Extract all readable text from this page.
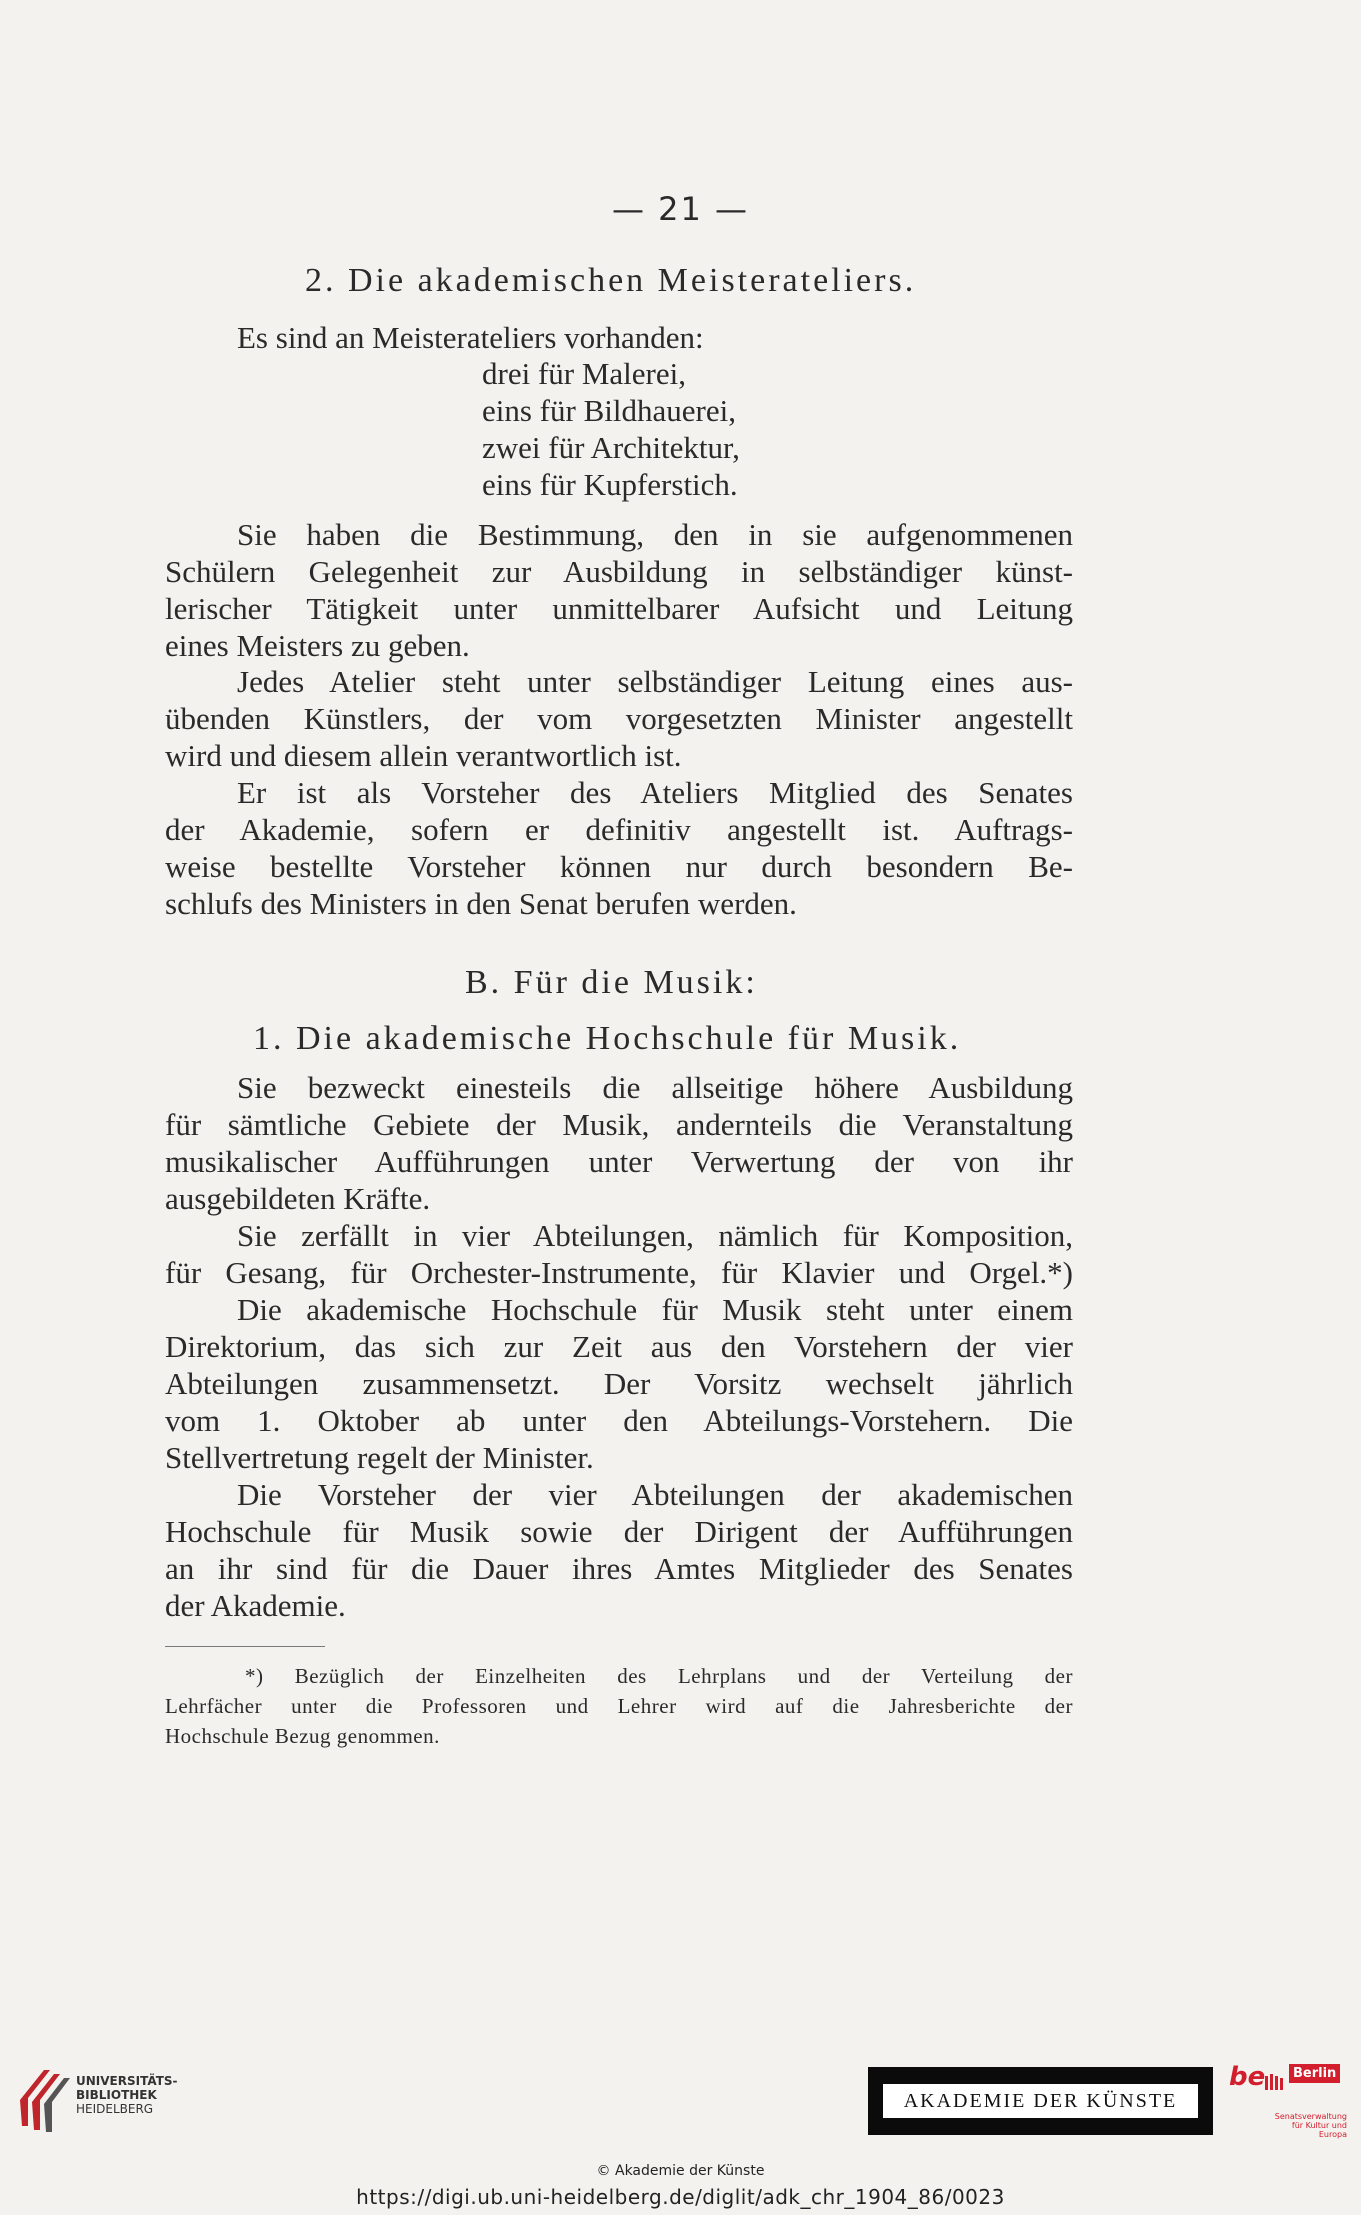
— 21 —
2. Die akademischen Meisterateliers.
Es sind an Meisterateliers vorhanden:
drei für Malerei,
eins für Bildhauerei,
zwei für Architektur,
eins für Kupferstich.
Sie haben die Bestimmung, den in sie aufgenommenen
Schülern Gelegenheit zur Ausbildung in selbständiger künst-
lerischer Tätigkeit unter unmittelbarer Aufsicht und Leitung
eines Meisters zu geben.
Jedes Atelier steht unter selbständiger Leitung eines aus-
übenden Künstlers, der vom vorgesetzten Minister angestellt
wird und diesem allein verantwortlich ist.
Er ist als Vorsteher des Ateliers Mitglied des Senates
der Akademie, sofern er definitiv angestellt ist. Auftrags-
weise bestellte Vorsteher können nur durch besondern Be-
schlufs des Ministers in den Senat berufen werden.
B. Für die Musik:
1. Die akademische Hochschule für Musik.
Sie bezweckt einesteils die allseitige höhere Ausbildung
für sämtliche Gebiete der Musik, andernteils die Veranstaltung
musikalischer Aufführungen unter Verwertung der von ihr
ausgebildeten Kräfte.
Sie zerfällt in vier Abteilungen, nämlich für Komposition,
für Gesang, für Orchester-Instrumente, für Klavier und Orgel.*)
Die akademische Hochschule für Musik steht unter einem
Direktorium, das sich zur Zeit aus den Vorstehern der vier
Abteilungen zusammensetzt. Der Vorsitz wechselt jährlich
vom 1. Oktober ab unter den Abteilungs-Vorstehern. Die
Stellvertretung regelt der Minister.
Die Vorsteher der vier Abteilungen der akademischen
Hochschule für Musik sowie der Dirigent der Aufführungen
an ihr sind für die Dauer ihres Amtes Mitglieder des Senates
der Akademie.
*) Bezüglich der Einzelheiten des Lehrplans und der Verteilung der
Lehrfächer unter die Professoren und Lehrer wird auf die Jahresberichte der
Hochschule Bezug genommen.
UNIVERSITÄTS-
BIBLIOTHEK
HEIDELBERG	AKADEMIE DER KÜNSTE
be	Berlin
Senatsverwaltung
für Kultur und Europa
© Akademie der Künste
https://digi.ub.uni-heidelberg.de/diglit/adk_chr_1904_86/0023
